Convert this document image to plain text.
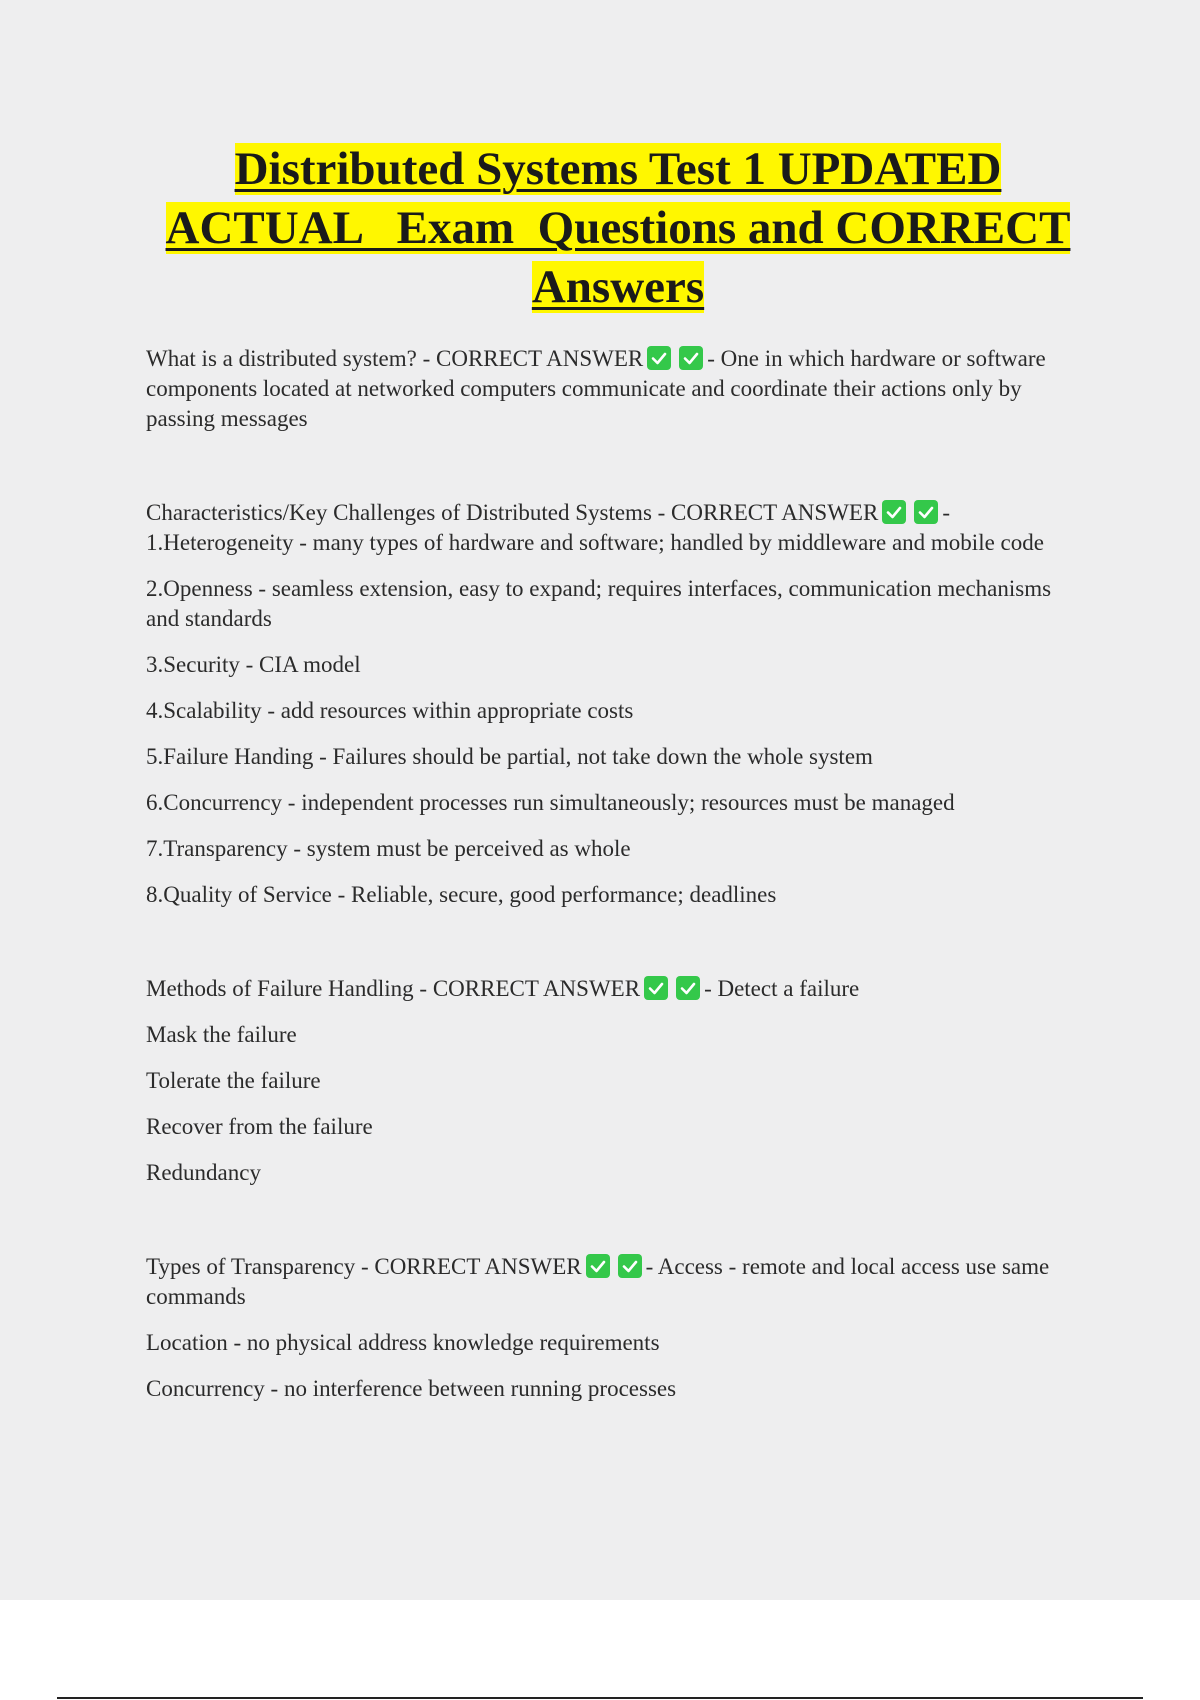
Distributed Systems Test 1 UPDATED
ACTUAL   Exam  Questions and CORRECT
Answers

What is a distributed system? - CORRECT ANSWER	- One in which hardware or software components located at networked computers communicate and coordinate their actions only by passing messages

Characteristics/Key Challenges of Distributed Systems - CORRECT ANSWER	- 1.Heterogeneity - many types of hardware and software; handled by middleware and mobile code

2.Openness - seamless extension, easy to expand; requires interfaces, communication mechanisms and standards

3.Security - CIA model

4.Scalability - add resources within appropriate costs

5.Failure Handing - Failures should be partial, not take down the whole system

6.Concurrency - independent processes run simultaneously; resources must be managed

7.Transparency - system must be perceived as whole

8.Quality of Service - Reliable, secure, good performance; deadlines

Methods of Failure Handling - CORRECT ANSWER	- Detect a failure

Mask the failure

Tolerate the failure

Recover from the failure

Redundancy

Types of Transparency - CORRECT ANSWER	- Access - remote and local access use same commands

Location - no physical address knowledge requirements

Concurrency - no interference between running processes
